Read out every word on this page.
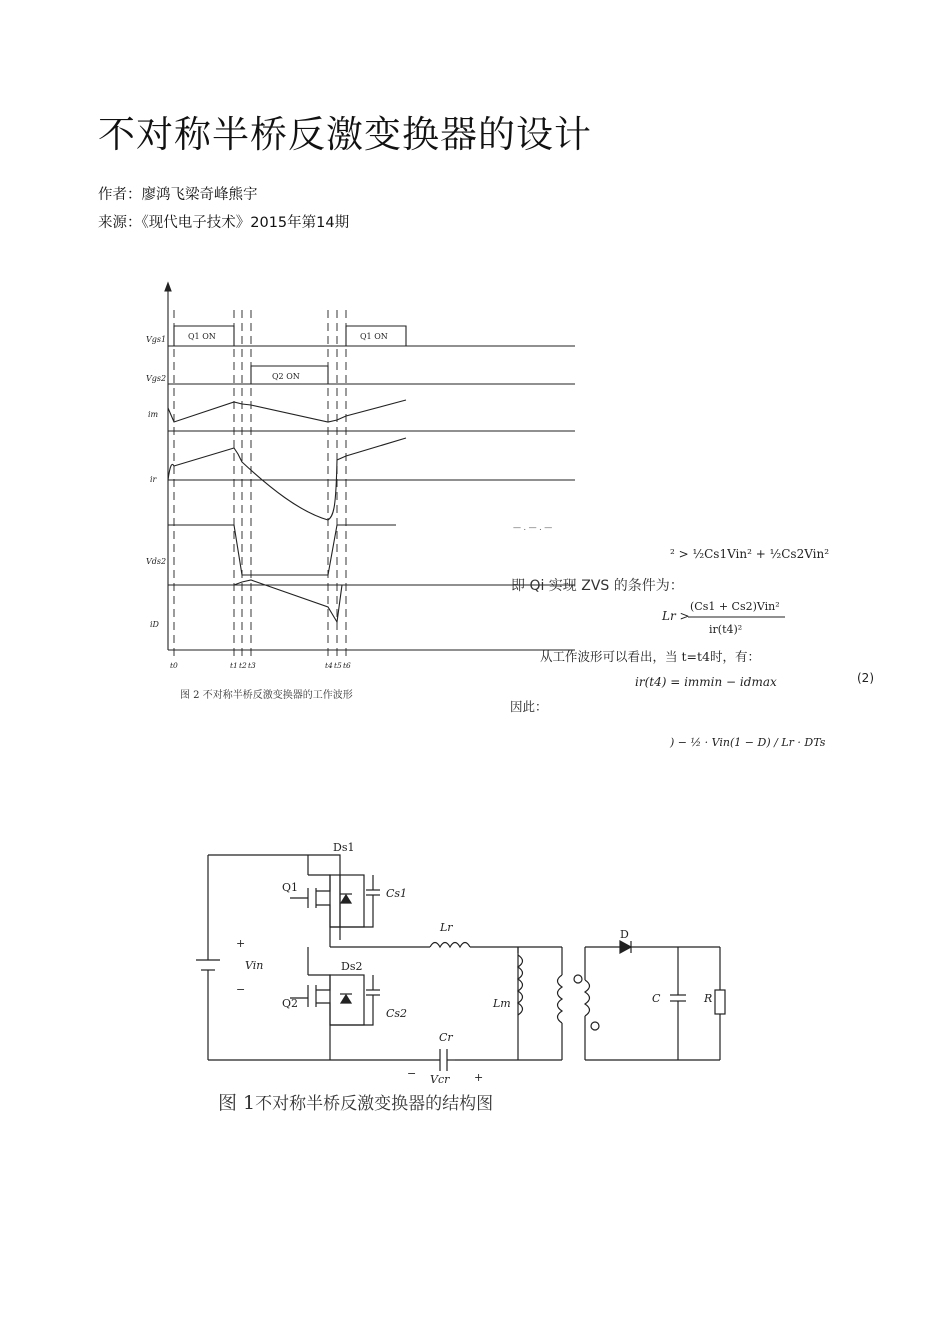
不对称半桥反激变换器的设计
作者：廖鸿飞梁奇峰熊宇
来源：《现代电子技术》2015年第14期
Q1 ON
Q2 ON
Q1 ON
Vgs1
Vgs2
im
ir
Vds2
iD
t0	t1 t2 t3	t4 t5 t6
图 2 不对称半桥反激变换器的工作波形
— . — . —
² > ½Cs1Vin² + ½Cs2Vin²
Lr >
(Cs1 + Cs2)Vin²
ir(t4)²
从工作波形可以看出，当 t=t4时，有：
ir(t4) = immin − idmax
因此：
) − ½ · Vin(1 − D) / Lr · DTs
即 Qi 实现 ZVS 的条件为：
(2)
Ds1
Q1	Cs1
Ds2
Q2
Cs2
Lr
Lm
Cr
Vcr
Vin
+
−
−	+
D
C	R
图 1不对称半桥反激变换器的结构图
